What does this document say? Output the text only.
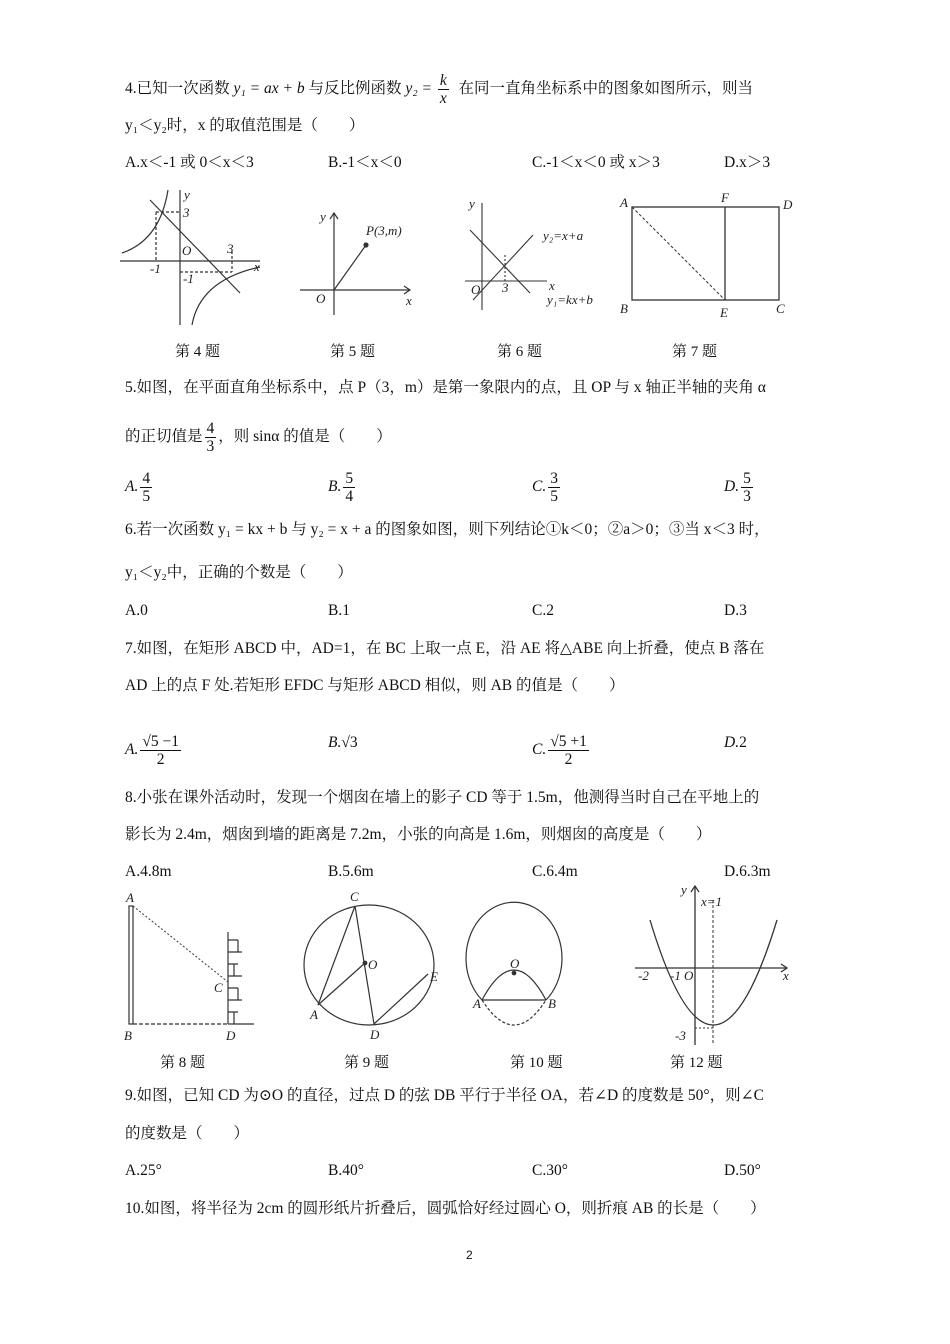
4.已知一次函数 y₁ = ax + b 与反比例函数 $y_2 = \frac{k}{x}$ 在同一直角坐标系中的图象如图所示，则当
y₁＜y₂时，x 的取值范围是（　　）
A.x＜-1 或 0＜x＜3	B.-1＜x＜0	C.-1＜x＜0 或 x＞3	D.x＞3
y
3
O	3
x
-1
-1
y
P(3,m)
O	x
y
y₂=x+a
O 3	x
y₁=kx+b
A	F	D
B	E	C
第 4 题	第 5 题	第 6 题	第 7 题
5.如图，在平面直角坐标系中，点 P（3，m）是第一象限内的点，且 OP 与 x 轴正半轴的夹角 α
的正切值是 $\frac{4}{3}$ ，则 sinα 的值是（　　）
A. $\frac{4}{5}$	B. $\frac{5}{4}$	C. $\frac{3}{5}$	D. $\frac{5}{3}$
6.若一次函数 y₁ = kx + b 与 y₂ = x + a 的图象如图，则下列结论①k＜0；②a＞0；③当 x＜3 时，
y₁＜y₂中，正确的个数是（　　）
A.0	B.1	C.2	D.3
7.如图，在矩形 ABCD 中，AD=1，在 BC 上取一点 E，沿 AE 将△ABE 向上折叠，使点 B 落在
AD 上的点 F 处.若矩形 EFDC 与矩形 ABCD 相似，则 AB 的值是（　　）
A. $\frac{√5 -1}{2}$	B.√3	C. $\frac{√5 +1}{2}$	D.2
8.小张在课外活动时，发现一个烟囱在墙上的影子 CD 等于 1.5m，他测得当时自己在平地上的
影长为 2.4m，烟囱到墙的距离是 7.2m，小张的向高是 1.6m，则烟囱的高度是（　　）
A.4.8m	B.5.6m	C.6.4m	D.6.3m
A
C
B	D
C
O
E
A
D
O
A	B
y
x=1
-2 -1 O	x
-3
第 8 题	第 9 题	第 10 题	第 12 题
9.如图，已知 CD 为⊙O 的直径，过点 D 的弦 DB 平行于半径 OA，若∠D 的度数是 50°，则∠C
的度数是（　　）
A.25°	B.40°	C.30°	D.50°
10.如图，将半径为 2cm 的圆形纸片折叠后，圆弧恰好经过圆心 O，则折痕 AB 的长是（　　）
2
